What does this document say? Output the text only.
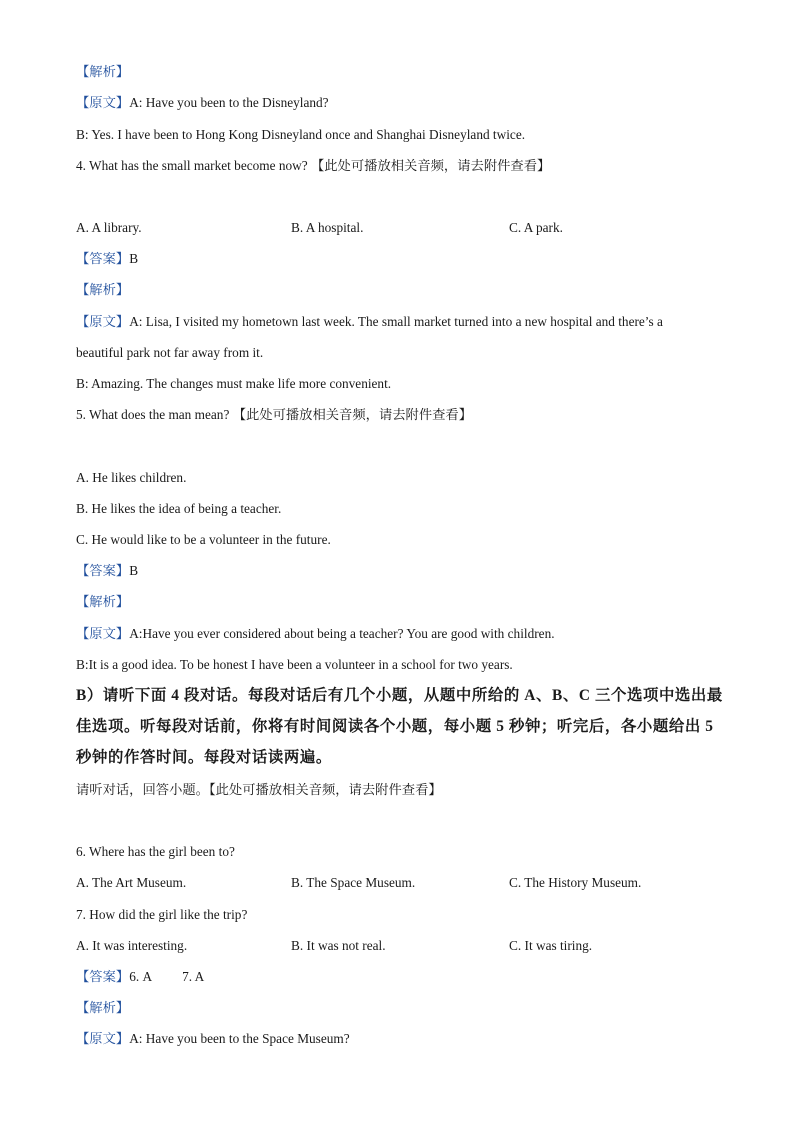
【解析】
【原文】A: Have you been to the Disneyland?
B: Yes. I have been to Hong Kong Disneyland once and Shanghai Disneyland twice.
4. What has the small market become now? 【此处可播放相关音频，请去附件查看】
A. A library.	B. A hospital.	C. A park.
【答案】B
【解析】
【原文】A: Lisa, I visited my hometown last week. The small market turned into a new hospital and there’s a
beautiful park not far away from it.
B: Amazing. The changes must make life more convenient.
5. What does the man mean? 【此处可播放相关音频，请去附件查看】
A. He likes children.
B. He likes the idea of being a teacher.
C. He would like to be a volunteer in the future.
【答案】B
【解析】
【原文】A:Have you ever considered about being a teacher? You are good with children.
B:It is a good idea. To be honest I have been a volunteer in a school for two years.
B）请听下面 4 段对话。每段对话后有几个小题，从题中所给的 A、B、C 三个选项中选出最
佳选项。听每段对话前，你将有时间阅读各个小题，每小题 5 秒钟；听完后，各小题给出 5
秒钟的作答时间。每段对话读两遍。
请听对话，回答小题。【此处可播放相关音频，请去附件查看】
6. Where has the girl been to?
A. The Art Museum.	B. The Space Museum.	C. The History Museum.
7. How did the girl like the trip?
A. It was interesting.	B. It was not real.	C. It was tiring.
【答案】6. A 7. A
【解析】
【原文】A: Have you been to the Space Museum?
